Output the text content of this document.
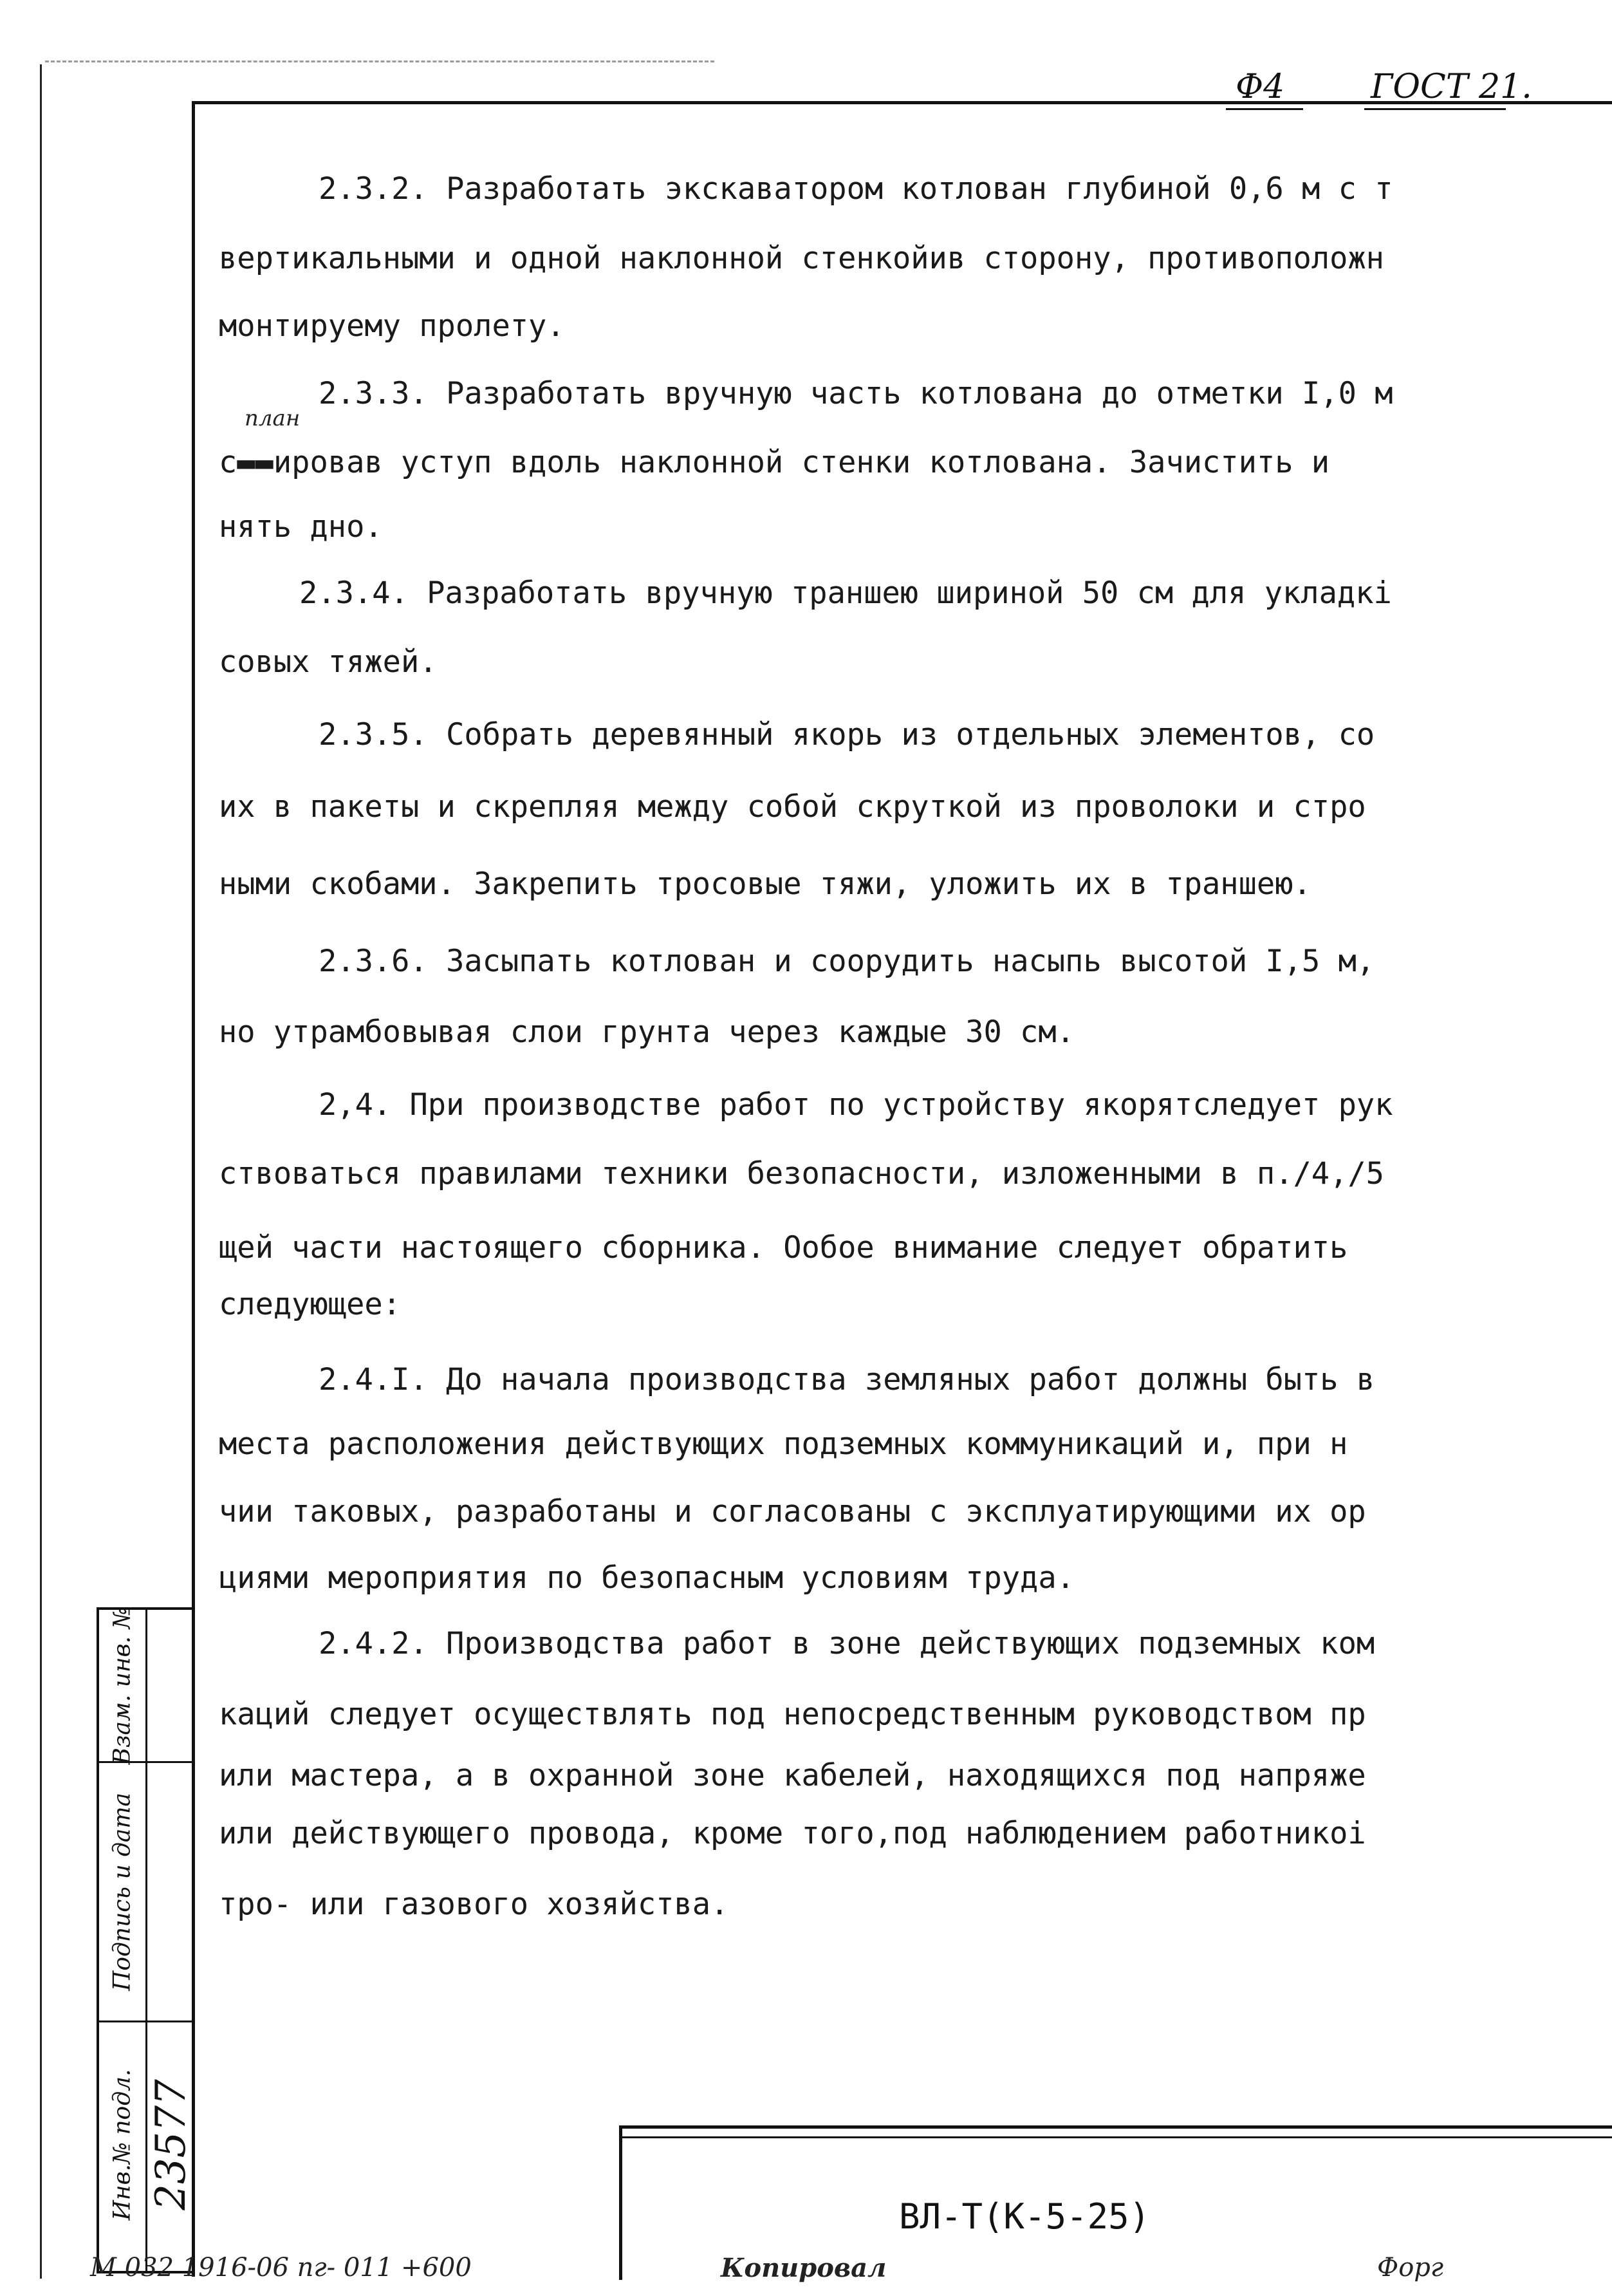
Ф4	ГОСТ 21.
план
2.3.2. Разработать экскаватором котлован глубиной 0,6 м с т
вертикальными и одной наклонной стенкойив сторону, противоположн
монтируему пролету.
2.3.3. Разработать вручную часть котлована до отметки I,0 м
с▬▬ировав уступ вдоль наклонной стенки котлована. Зачистить и
нять дно.
2.3.4. Разработать вручную траншею шириной 50 см для укладкі
совых тяжей.
2.3.5. Собрать деревянный якорь из отдельных элементов, со
их в пакеты и скрепляя между собой скруткой из проволоки и стро
ными скобами. Закрепить тросовые тяжи, уложить их в траншею.
2.3.6. Засыпать котлован и соорудить насыпь высотой I,5 м,
но утрамбовывая слои грунта через каждые 30 см.
2,4. При производстве работ по устройству якорятследует рук
ствоваться правилами техники безопасности, изложенными в п./4,/5
щей части настоящего сборника. Ообое внимание следует обратить
следующее:
2.4.I. До начала производства земляных работ должны быть в
места расположения действующих подземных коммуникаций и, при н
чии таковых, разработаны и согласованы с эксплуатирующими их ор
циями мероприятия по безопасным условиям труда.
2.4.2. Производства работ в зоне действующих подземных ком
каций следует осуществлять под непосредственным руководством пр
или мастера, а в охранной зоне кабелей, находящихся под напряже
или действующего провода, кроме того,под наблюдением работникоі
тро- или газового хозяйства.
Взам. инв. №
Подпись и дата
Инв.№ подл. 23577
ВЛ-Т(К-5-25)
М 032 1916-06 пг- 011 +600	Копировал	Форг
